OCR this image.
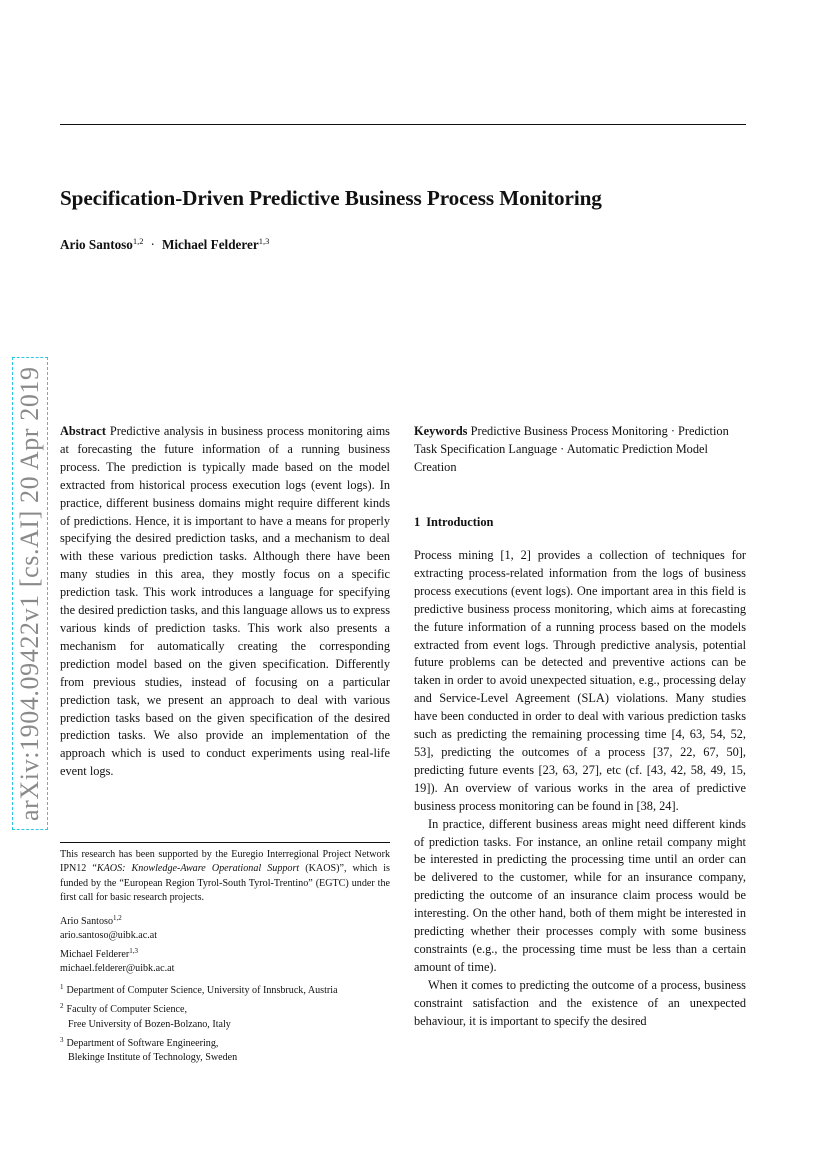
Specification-Driven Predictive Business Process Monitoring
Ario Santoso$^{1,2}$ · Michael Felderer$^{1,3}$
arXiv:1904.09422v1 [cs.AI] 20 Apr 2019	Abstract Predictive analysis in business process monitoring aims at forecasting the future information of a running business process. The prediction is typically made based on the model extracted from historical process execution logs (event logs). In practice, different business domains might require different kinds of predictions. Hence, it is important to have a means for properly specifying the desired prediction tasks, and a mechanism to deal with these various prediction tasks. Although there have been many studies in this area, they mostly focus on a specific prediction task. This work introduces a language for specifying the desired prediction tasks, and this language allows us to express various kinds of prediction tasks. This work also presents a mechanism for automatically creating the corresponding prediction model based on the given specification. Differently from previous studies, instead of focusing on a particular prediction task, we present an approach to deal with various prediction tasks based on the given specification of the desired prediction tasks. We also provide an implementation of the approach which is used to conduct experiments using real-life event logs.

Keywords Predictive Business Process Monitoring · Prediction Task Specification Language · Automatic Prediction Model Creation

1 Introduction

Process mining [1, 2] provides a collection of techniques for extracting process-related information from the logs of business process executions (event logs). One important area in this field is predictive business process monitoring, which aims at forecasting the future information of a running process based on the models extracted from event logs. Through predictive analysis, potential future problems can be detected and preventive actions can be taken in order to avoid unexpected situation, e.g., processing delay and Service-Level Agreement (SLA) violations. Many studies have been conducted in order to deal with various prediction tasks such as predicting the remaining processing time [4, 63, 54, 52, 53], predicting the outcomes of a process [37, 22, 67, 50], predicting future events [23, 63, 27], etc (cf. [43, 42, 58, 49, 15, 19]). An overview of various works in the area of predictive business process monitoring can be found in [38, 24].

In practice, different business areas might need different kinds of prediction tasks. For instance, an online retail company might be interested in predicting the processing time until an order can be delivered to the customer, while for an insurance company, predicting the outcome of an insurance claim process would be interesting. On the other hand, both of them might be interested in predicting whether their processes comply with some business constraints (e.g., the processing time must be less than a certain amount of time).

When it comes to predicting the outcome of a process, business constraint satisfaction and the existence of an unexpected behaviour, it is important to specify the desired

This research has been supported by the Euregio Interregional Project Network IPN12 “KAOS: Knowledge-Aware Operational Support (KAOS)”, which is funded by the “European Region Tyrol-South Tyrol-Trentino” (EGTC) under the first call for basic research projects.
Ario Santoso$^{1,2}$
ario.santoso@uibk.ac.at
Michael Felderer$^{1,3}$
michael.felderer@uibk.ac.at
$^1$ Department of Computer Science, University of Innsbruck, Austria
$^2$ Faculty of Computer Science,
Free University of Bozen-Bolzano, Italy
$^3$ Department of Software Engineering,
Blekinge Institute of Technology, Sweden
